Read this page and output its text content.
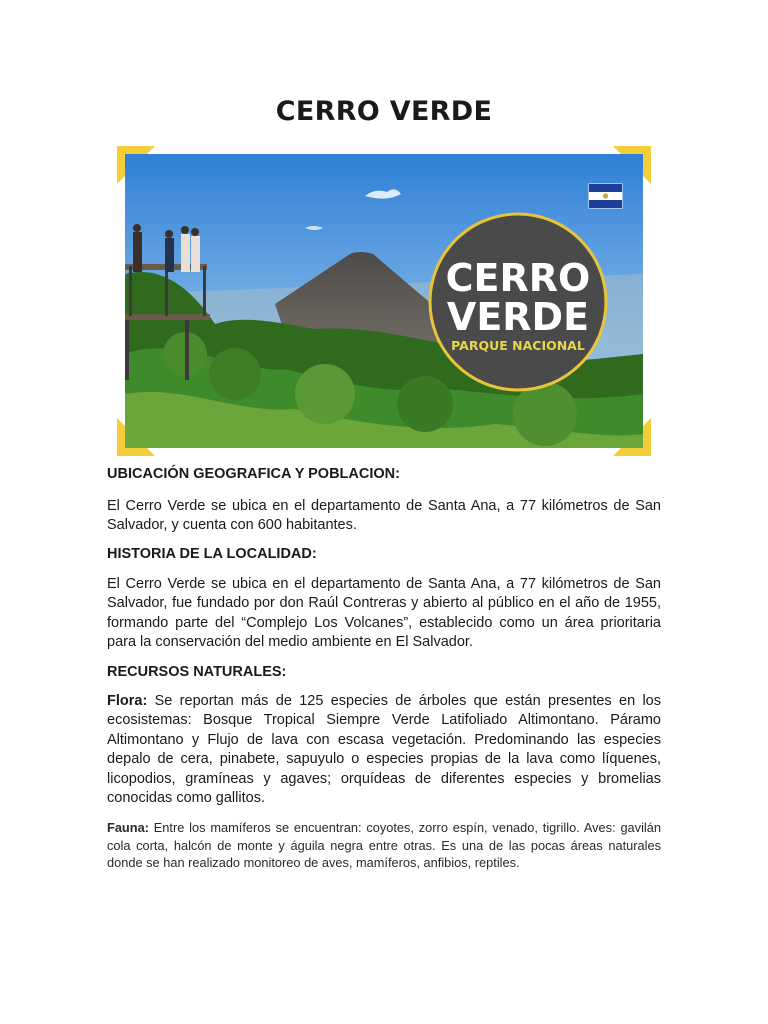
CERRO VERDE
CERRO
VERDE
PARQUE NACIONAL
UBICACIÓN GEOGRAFICA Y POBLACION:
El Cerro Verde se ubica en el departamento de Santa Ana, a 77 kilómetros de San Salvador, y cuenta con 600 habitantes.
HISTORIA DE LA LOCALIDAD:
El Cerro Verde se ubica en el departamento de Santa Ana, a 77 kilómetros de San Salvador, fue fundado por don Raúl Contreras y abierto al público en el año de 1955, formando parte del “Complejo Los Volcanes”, establecido como un área prioritaria para la conservación del medio ambiente en El Salvador.
RECURSOS NATURALES:
Flora: Se reportan más de 125 especies de árboles que están presentes en los ecosistemas: Bosque Tropical Siempre Verde Latifoliado Altimontano. Páramo Altimontano y Flujo de lava con escasa vegetación. Predominando las especies depalo de cera, pinabete, sapuyulo o especies propias de la lava como líquenes, licopodios, gramíneas y agaves; orquídeas de diferentes especies y bromelias conocidas como gallitos.
Fauna: Entre los mamíferos se encuentran: coyotes, zorro espín, venado, tigrillo. Aves: gavilán cola corta, halcón de monte y águila negra entre otras. Es una de las pocas áreas naturales donde se han realizado monitoreo de aves, mamíferos, anfibios, reptiles.
